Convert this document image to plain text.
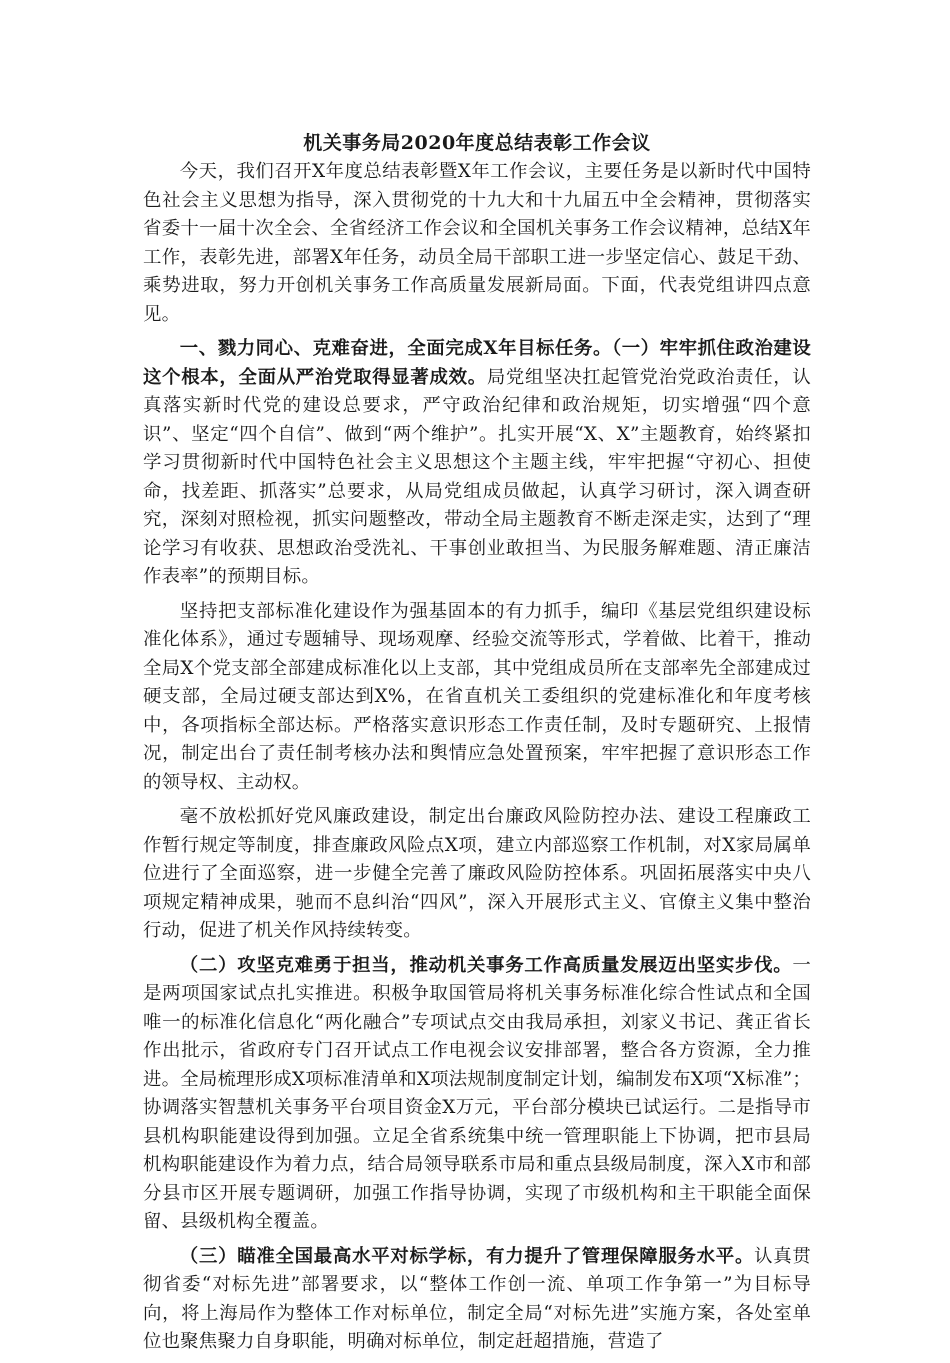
机关事务局2020年度总结表彰工作会议

今天，我们召开X年度总结表彰暨X年工作会议，主要任务是以新时代中国特色社会主义思想为指导，深入贯彻党的十九大和十九届五中全会精神，贯彻落实省委十一届十次全会、全省经济工作会议和全国机关事务工作会议精神，总结X年工作，表彰先进，部署X年任务，动员全局干部职工进一步坚定信心、鼓足干劲、乘势进取，努力开创机关事务工作高质量发展新局面。下面，代表党组讲四点意见。

一、戮力同心、克难奋进，全面完成X年目标任务。（一）牢牢抓住政治建设这个根本，全面从严治党取得显著成效。局党组坚决扛起管党治党政治责任，认真落实新时代党的建设总要求，严守政治纪律和政治规矩，切实增强“四个意识”、坚定“四个自信”、做到“两个维护”。扎实开展“X、X”主题教育，始终紧扣学习贯彻新时代中国特色社会主义思想这个主题主线，牢牢把握“守初心、担使命，找差距、抓落实”总要求，从局党组成员做起，认真学习研讨，深入调查研究，深刻对照检视，抓实问题整改，带动全局主题教育不断走深走实，达到了“理论学习有收获、思想政治受洗礼、干事创业敢担当、为民服务解难题、清正廉洁作表率”的预期目标。

坚持把支部标准化建设作为强基固本的有力抓手，编印《基层党组织建设标准化体系》，通过专题辅导、现场观摩、经验交流等形式，学着做、比着干，推动全局X个党支部全部建成标准化以上支部，其中党组成员所在支部率先全部建成过硬支部，全局过硬支部达到X%，在省直机关工委组织的党建标准化和年度考核中，各项指标全部达标。严格落实意识形态工作责任制，及时专题研究、上报情况，制定出台了责任制考核办法和舆情应急处置预案，牢牢把握了意识形态工作的领导权、主动权。

毫不放松抓好党风廉政建设，制定出台廉政风险防控办法、建设工程廉政工作暂行规定等制度，排查廉政风险点X项，建立内部巡察工作机制，对X家局属单位进行了全面巡察，进一步健全完善了廉政风险防控体系。巩固拓展落实中央八项规定精神成果，驰而不息纠治“四风”，深入开展形式主义、官僚主义集中整治行动，促进了机关作风持续转变。

（二）攻坚克难勇于担当，推动机关事务工作高质量发展迈出坚实步伐。一是两项国家试点扎实推进。积极争取国管局将机关事务标准化综合性试点和全国唯一的标准化信息化“两化融合”专项试点交由我局承担，刘家义书记、龚正省长作出批示，省政府专门召开试点工作电视会议安排部署，整合各方资源，全力推进。全局梳理形成X项标准清单和X项法规制度制定计划，编制发布X项“X标准”；协调落实智慧机关事务平台项目资金X万元，平台部分模块已试运行。二是指导市县机构职能建设得到加强。立足全省系统集中统一管理职能上下协调，把市县局机构职能建设作为着力点，结合局领导联系市局和重点县级局制度，深入X市和部分县市区开展专题调研，加强工作指导协调，实现了市级机构和主干职能全面保留、县级机构全覆盖。

（三）瞄准全国最高水平对标学标，有力提升了管理保障服务水平。认真贯彻省委“对标先进”部署要求，以“整体工作创一流、单项工作争第一”为目标导向，将上海局作为整体工作对标单位，制定全局“对标先进”实施方案，各处室单位也聚焦聚力自身职能，明确对标单位，制定赶超措施，营造了
